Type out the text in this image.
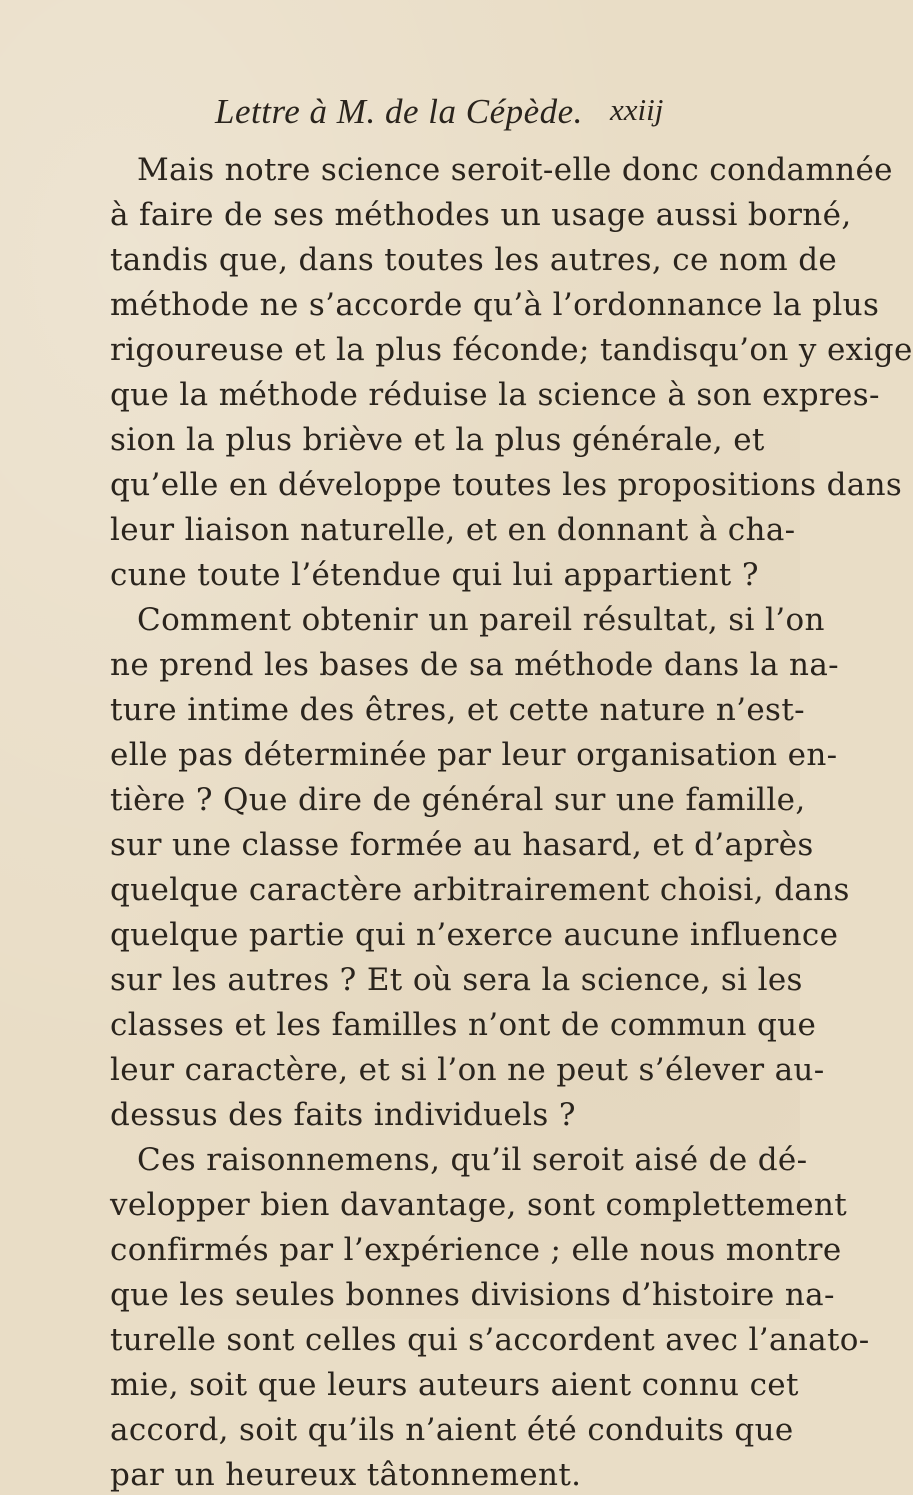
Lettre à M. de la Cépède. xxiij
Mais notre science seroit-elle donc condamnée
à faire de ses méthodes un usage aussi borné,
tandis que, dans toutes les autres, ce nom de
méthode ne s’accorde qu’à l’ordonnance la plus
rigoureuse et la plus féconde; tandisqu’on y exige
que la méthode réduise la science à son expres-
sion la plus briève et la plus générale, et
qu’elle en développe toutes les propositions dans
leur liaison naturelle, et en donnant à cha-
cune toute l’étendue qui lui appartient ?
Comment obtenir un pareil résultat, si l’on
ne prend les bases de sa méthode dans la na-
ture intime des êtres, et cette nature n’est-
elle pas déterminée par leur organisation en-
tière ? Que dire de général sur une famille,
sur une classe formée au hasard, et d’après
quelque caractère arbitrairement choisi, dans
quelque partie qui n’exerce aucune influence
sur les autres ? Et où sera la science, si les
classes et les familles n’ont de commun que
leur caractère, et si l’on ne peut s’élever au-
dessus des faits individuels ?
Ces raisonnemens, qu’il seroit aisé de dé-
velopper bien davantage, sont complettement
confirmés par l’expérience ; elle nous montre
que les seules bonnes divisions d’histoire na-
turelle sont celles qui s’accordent avec l’anato-
mie, soit que leurs auteurs aient connu cet
accord, soit qu’ils n’aient été conduits que
par un heureux tâtonnement.
